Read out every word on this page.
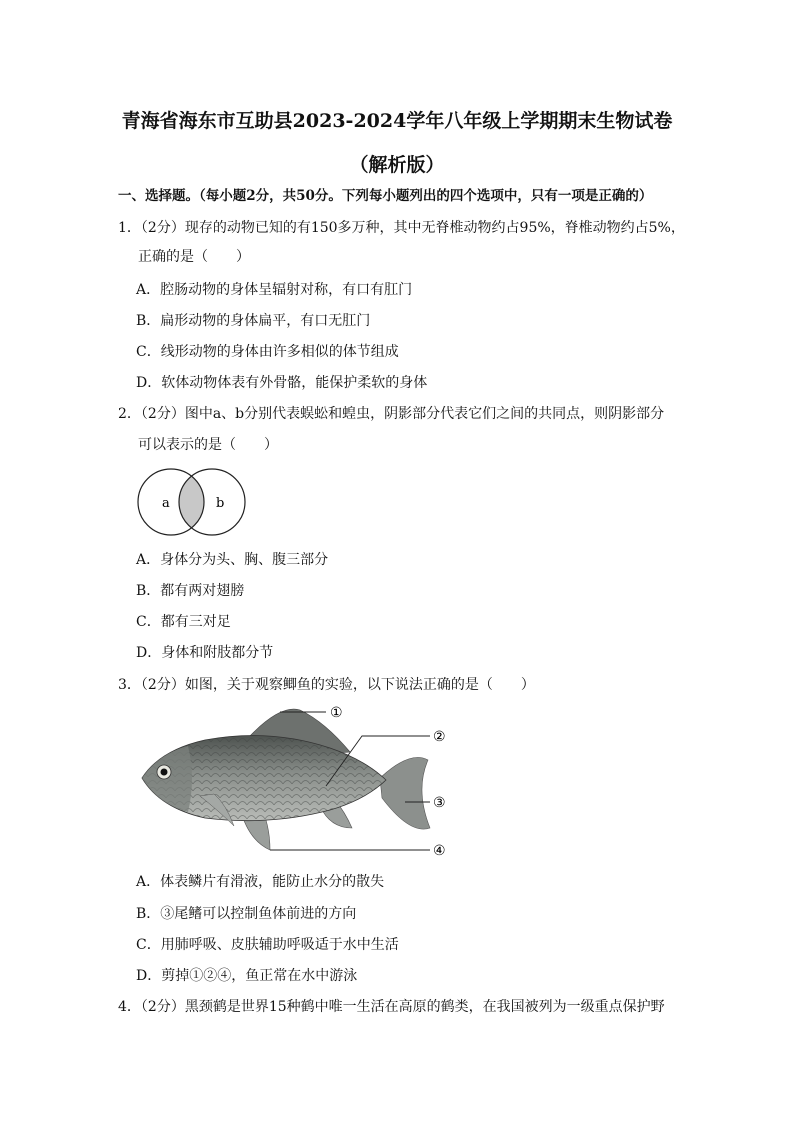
青海省海东市互助县2023-2024学年八年级上学期期末生物试卷
（解析版）
一、选择题。（每小题2分，共50分。下列每小题列出的四个选项中，只有一项是正确的）
1．（2分）现存的动物已知的有150多万种，其中无脊椎动物约占95%，脊椎动物约占5%，
正确的是（　　）
A．腔肠动物的身体呈辐射对称，有口有肛门
B．扁形动物的身体扁平，有口无肛门
C．线形动物的身体由许多相似的体节组成
D．软体动物体表有外骨骼，能保护柔软的身体
2．（2分）图中a、b分别代表蜈蚣和蝗虫，阴影部分代表它们之间的共同点，则阴影部分
可以表示的是（　　）
a	b
A．身体分为头、胸、腹三部分
B．都有两对翅膀
C．都有三对足
D．身体和附肢都分节
3．（2分）如图，关于观察鲫鱼的实验，以下说法正确的是（　　）
①
②
③
④
A．体表鳞片有滑液，能防止水分的散失
B．③尾鳍可以控制鱼体前进的方向
C．用肺呼吸、皮肤辅助呼吸适于水中生活
D．剪掉①②④，鱼正常在水中游泳
4．（2分）黑颈鹤是世界15种鹤中唯一生活在高原的鹤类，在我国被列为一级重点保护野
